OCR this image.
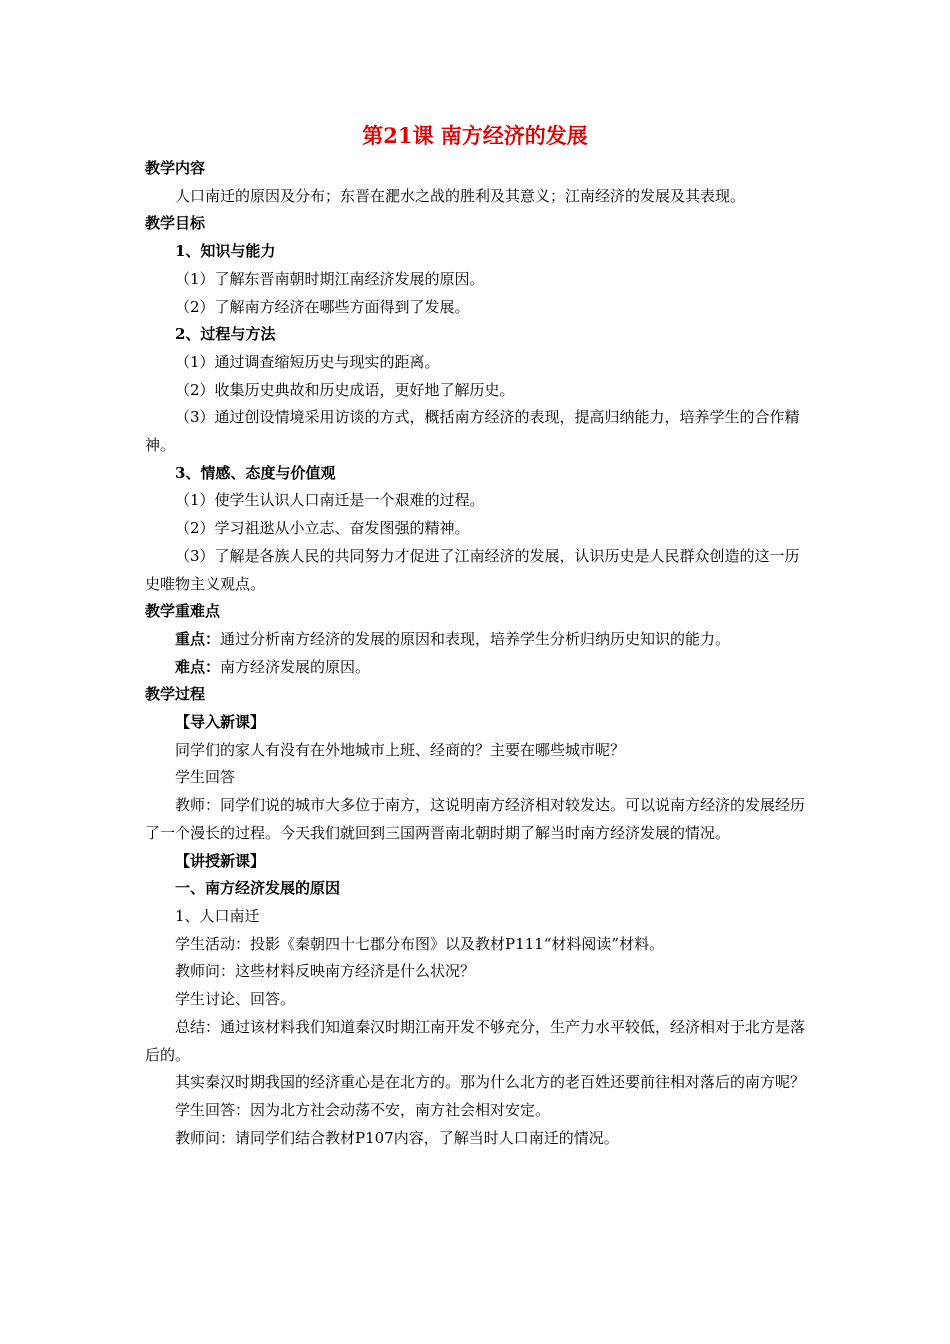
第21课 南方经济的发展

教学内容

人口南迁的原因及分布；东晋在淝水之战的胜利及其意义；江南经济的发展及其表现。

教学目标

1、知识与能力

（1）了解东晋南朝时期江南经济发展的原因。

（2）了解南方经济在哪些方面得到了发展。

2、过程与方法

（1）通过调查缩短历史与现实的距离。

（2）收集历史典故和历史成语，更好地了解历史。

（3）通过创设情境采用访谈的方式，概括南方经济的表现，提高归纳能力，培养学生的合作精神。

3、情感、态度与价值观

（1）使学生认识人口南迁是一个艰难的过程。

（2）学习祖逖从小立志、奋发图强的精神。

（3）了解是各族人民的共同努力才促进了江南经济的发展，认识历史是人民群众创造的这一历史唯物主义观点。

教学重难点

重点：通过分析南方经济的发展的原因和表现，培养学生分析归纳历史知识的能力。

难点：南方经济发展的原因。

教学过程

【导入新课】

同学们的家人有没有在外地城市上班、经商的？主要在哪些城市呢？

学生回答

教师：同学们说的城市大多位于南方，这说明南方经济相对较发达。可以说南方经济的发展经历了一个漫长的过程。今天我们就回到三国两晋南北朝时期了解当时南方经济发展的情况。

【讲授新课】

一、南方经济发展的原因

1、人口南迁

学生活动：投影《秦朝四十七郡分布图》以及教材P111“材料阅读”材料。

教师问：这些材料反映南方经济是什么状况？

学生讨论、回答。

总结：通过该材料我们知道秦汉时期江南开发不够充分，生产力水平较低，经济相对于北方是落后的。

其实秦汉时期我国的经济重心是在北方的。那为什么北方的老百姓还要前往相对落后的南方呢？

学生回答：因为北方社会动荡不安，南方社会相对安定。

教师问：请同学们结合教材P107内容，了解当时人口南迁的情况。
